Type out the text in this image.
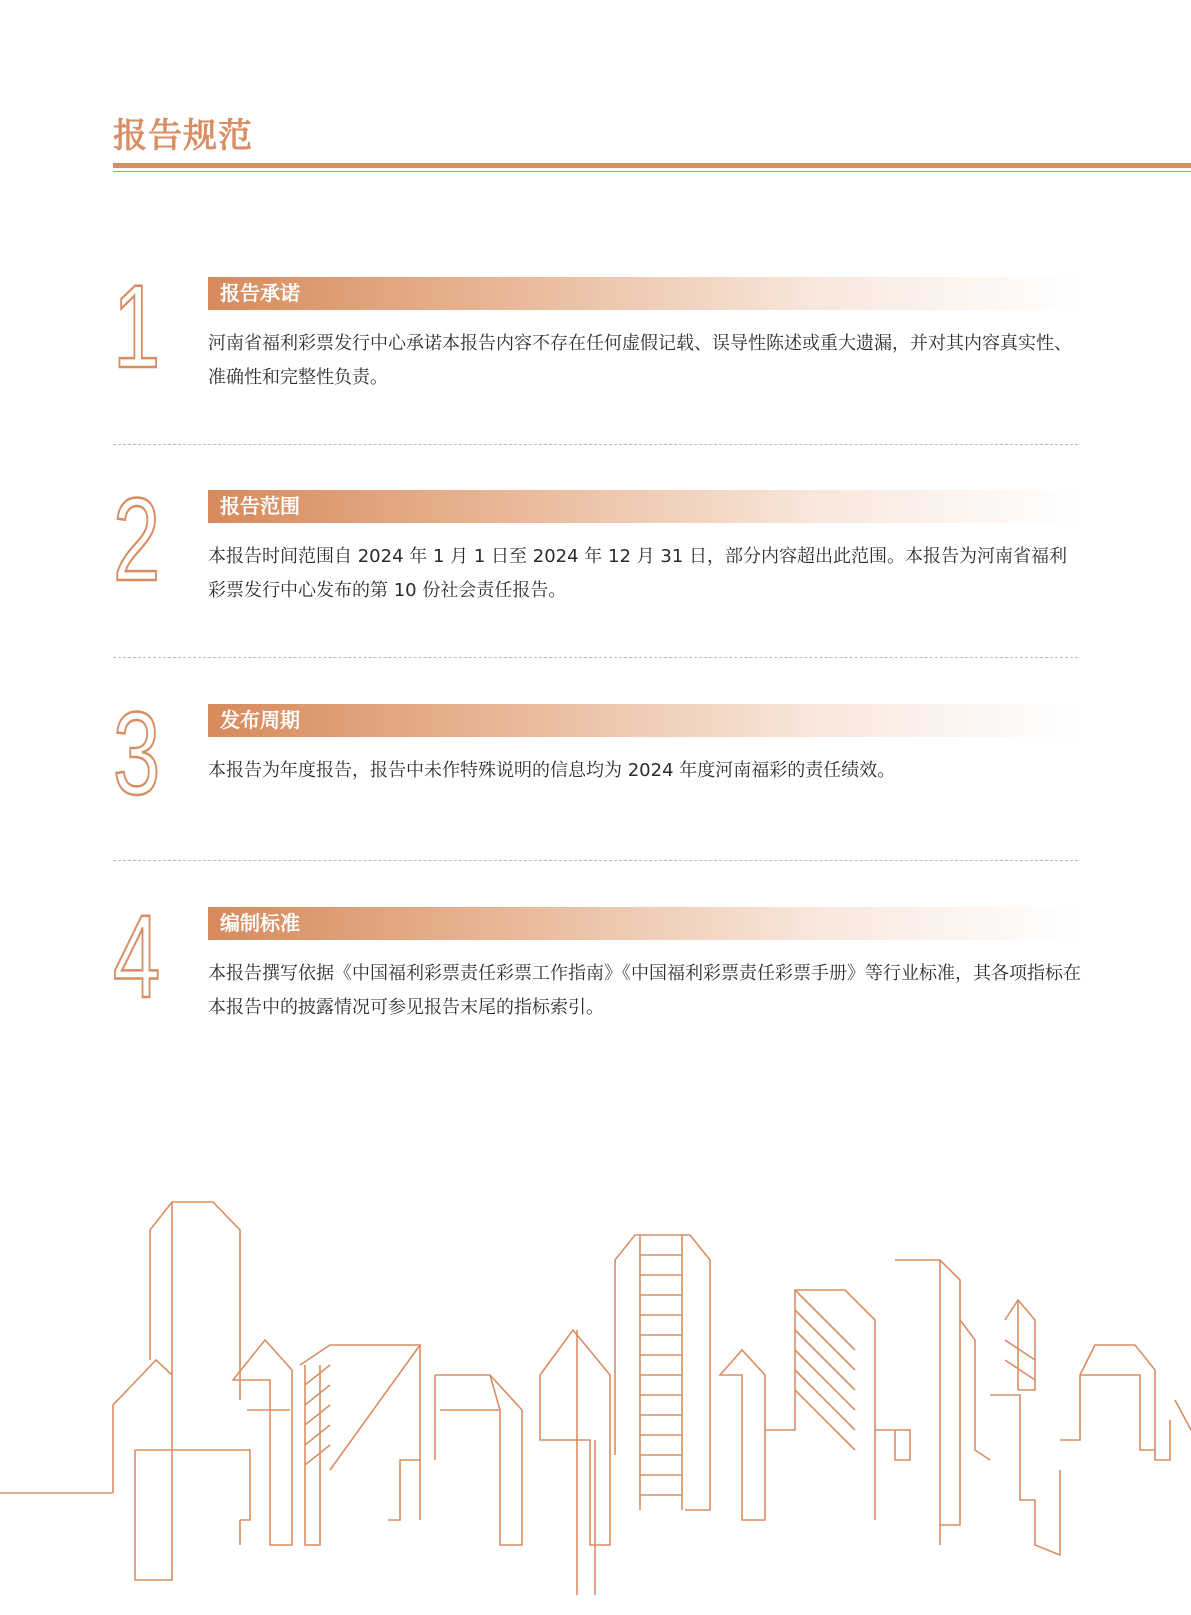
报告规范
1	报告承诺
河南省福利彩票发行中心承诺本报告内容不存在任何虚假记载、误导性陈述或重大遗漏，并对其内容真实性、准确性和完整性负责。
2	报告范围
本报告时间范围自 2024 年 1 月 1 日至 2024 年 12 月 31 日，部分内容超出此范围。本报告为河南省福利彩票发行中心发布的第 10 份社会责任报告。
3	发布周期
本报告为年度报告，报告中未作特殊说明的信息均为 2024 年度河南福彩的责任绩效。
4	编制标准
本报告撰写依据《中国福利彩票责任彩票工作指南》《中国福利彩票责任彩票手册》等行业标准，其各项指标在本报告中的披露情况可参见报告末尾的指标索引。
